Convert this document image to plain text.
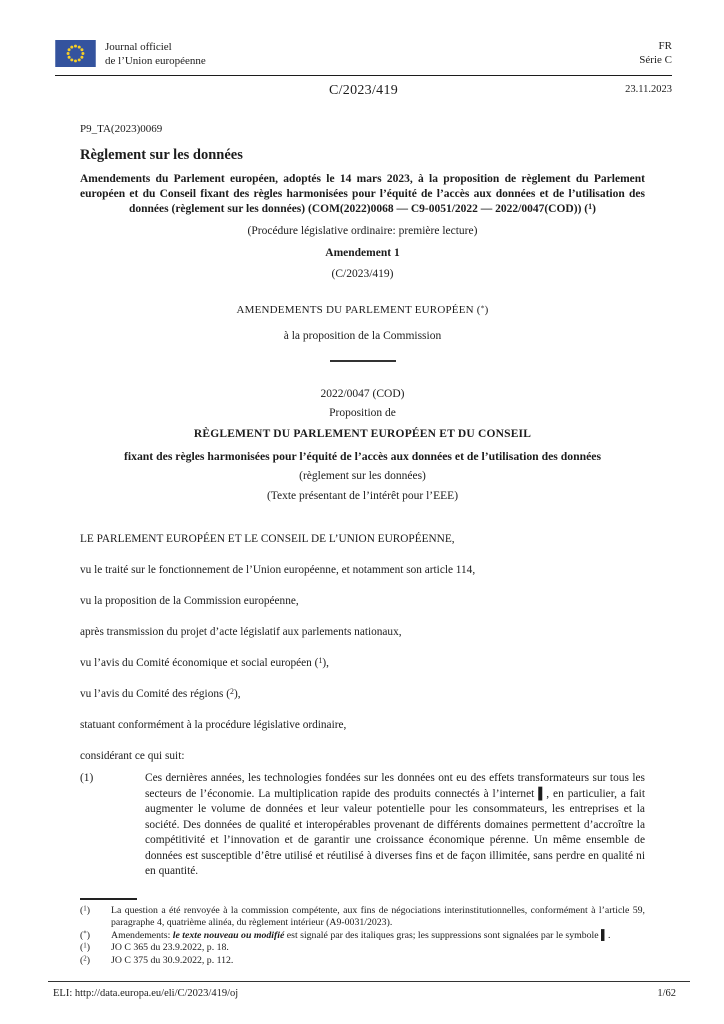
Journal officiel
de l’Union européenne
FR
Série C
C/2023/419	23.11.2023
P9_TA(2023)0069
Règlement sur les données

Amendements du Parlement européen, adoptés le 14 mars 2023, à la proposition de règlement du Parlement européen et du Conseil fixant des règles harmonisées pour l’équité de l’accès aux données et de l’utilisation des données (règlement sur les données) (COM(2022)0068 — C9-0051/2022 — 2022/0047(COD)) ($^1$)

(Procédure législative ordinaire: première lecture)
Amendement 1
(C/2023/419)
AMENDEMENTS DU PARLEMENT EUROPÉEN (*)
à la proposition de la Commission
2022/0047 (COD)
Proposition de
RÈGLEMENT DU PARLEMENT EUROPÉEN ET DU CONSEIL
fixant des règles harmonisées pour l’équité de l’accès aux données et de l’utilisation des données
(règlement sur les données)
(Texte présentant de l’intérêt pour l’EEE)

LE PARLEMENT EUROPÉEN ET LE CONSEIL DE L’UNION EUROPÉENNE,

vu le traité sur le fonctionnement de l’Union européenne, et notamment son article 114,

vu la proposition de la Commission européenne,

après transmission du projet d’acte législatif aux parlements nationaux,

vu l’avis du Comité économique et social européen ($^1$),

vu l’avis du Comité des régions ($^2$),

statuant conformément à la procédure législative ordinaire,

considérant ce qui suit:

(1)	Ces dernières années, les technologies fondées sur les données ont eu des effets transformateurs sur tous les secteurs de l’économie. La multiplication rapide des produits connectés à l’internet ▌, en particulier, a fait augmenter le volume de données et leur valeur potentielle pour les consommateurs, les entreprises et la société. Des données de qualité et interopérables provenant de différents domaines permettent d’accroître la compétitivité et l’innovation et de garantir une croissance économique pérenne. Un même ensemble de données est susceptible d’être utilisé et réutilisé à diverses fins et de façon illimitée, sans perdre en qualité ni en quantité.
($^1$)	La question a été renvoyée à la commission compétente, aux fins de négociations interinstitutionnelles, conformément à l’article 59, paragraphe 4, quatrième alinéa, du règlement intérieur (A9-0031/2023).
(*)	Amendements: le texte nouveau ou modifié est signalé par des italiques gras; les suppressions sont signalées par le symbole ▌.
($^1$)	JO C 365 du 23.9.2022, p. 18.
($^2$)	JO C 375 du 30.9.2022, p. 112.
ELI: http://data.europa.eu/eli/C/2023/419/oj	1/62
